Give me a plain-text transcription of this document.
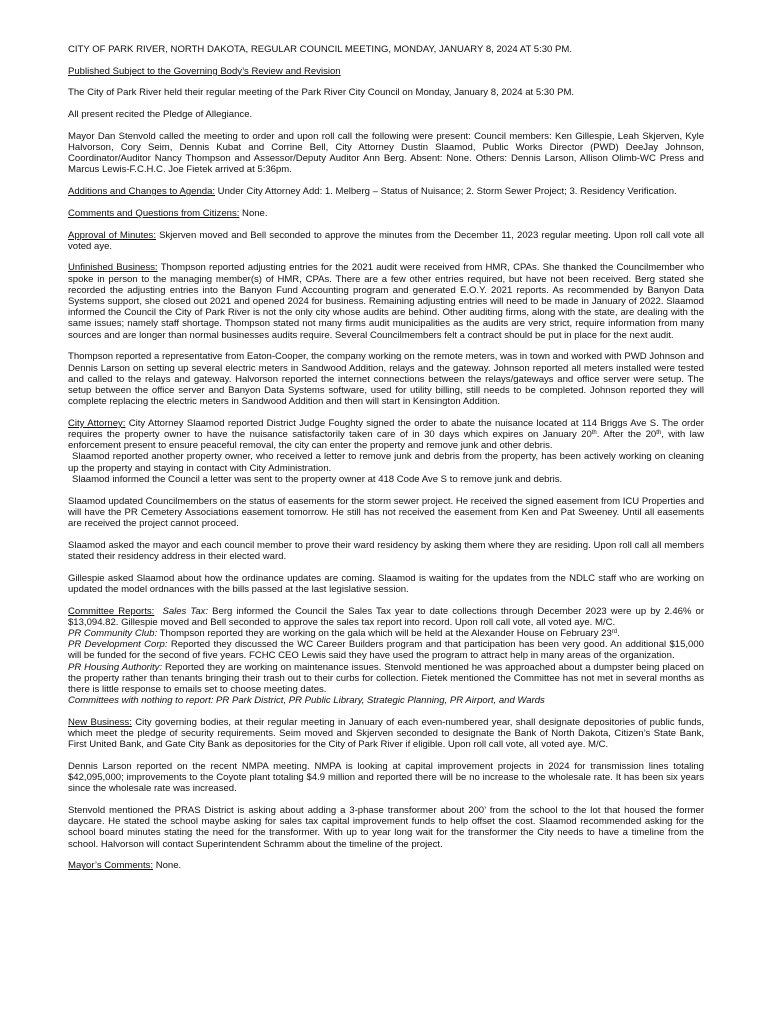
CITY OF PARK RIVER, NORTH DAKOTA, REGULAR COUNCIL MEETING, MONDAY, JANUARY 8, 2024 AT 5:30 PM.

Published Subject to the Governing Body’s Review and Revision

The City of Park River held their regular meeting of the Park River City Council on Monday, January 8, 2024 at 5:30 PM.

All present recited the Pledge of Allegiance.

Mayor Dan Stenvold called the meeting to order and upon roll call the following were present: Council members: Ken Gillespie, Leah Skjerven, Kyle Halvorson, Cory Seim, Dennis Kubat and Corrine Bell, City Attorney Dustin Slaamod, Public Works Director (PWD) DeeJay Johnson, Coordinator/Auditor Nancy Thompson and Assessor/Deputy Auditor Ann Berg. Absent: None. Others: Dennis Larson, Allison Olimb-WC Press and Marcus Lewis-F.C.H.C. Joe Fietek arrived at 5:36pm.

Additions and Changes to Agenda: Under City Attorney Add: 1. Melberg – Status of Nuisance; 2. Storm Sewer Project; 3. Residency Verification.

Comments and Questions from Citizens: None.

Approval of Minutes: Skjerven moved and Bell seconded to approve the minutes from the December 11, 2023 regular meeting. Upon roll call vote all voted aye.

Unfinished Business: Thompson reported adjusting entries for the 2021 audit were received from HMR, CPAs. She thanked the Councilmember who spoke in person to the managing member(s) of HMR, CPAs. There are a few other entries required, but have not been received. Berg stated she recorded the adjusting entries into the Banyon Fund Accounting program and generated E.O.Y. 2021 reports. As recommended by Banyon Data Systems support, she closed out 2021 and opened 2024 for business. Remaining adjusting entries will need to be made in January of 2022. Slaamod informed the Council the City of Park River is not the only city whose audits are behind. Other auditing firms, along with the state, are dealing with the same issues; namely staff shortage. Thompson stated not many firms audit municipalities as the audits are very strict, require information from many sources and are longer than normal businesses audits require. Several Councilmembers felt a contract should be put in place for the next audit.

Thompson reported a representative from Eaton-Cooper, the company working on the remote meters, was in town and worked with PWD Johnson and Dennis Larson on setting up several electric meters in Sandwood Addition, relays and the gateway. Johnson reported all meters installed were tested and called to the relays and gateway. Halvorson reported the internet connections between the relays/gateways and office server were setup. The setup between the office server and Banyon Data Systems software, used for utility billing, still needs to be completed. Johnson reported they will complete replacing the electric meters in Sandwood Addition and then will start in Kensington Addition.

City Attorney: City Attorney Slaamod reported District Judge Foughty signed the order to abate the nuisance located at 114 Briggs Ave S. The order requires the property owner to have the nuisance satisfactorily taken care of in 30 days which expires on January 20th. After the 20th, with law enforcement present to ensure peaceful removal, the city can enter the property and remove junk and other debris.
Slaamod reported another property owner, who received a letter to remove junk and debris from the property, has been actively working on cleaning up the property and staying in contact with City Administration.
Slaamod informed the Council a letter was sent to the property owner at 418 Code Ave S to remove junk and debris.

Slaamod updated Councilmembers on the status of easements for the storm sewer project. He received the signed easement from ICU Properties and will have the PR Cemetery Associations easement tomorrow. He still has not received the easement from Ken and Pat Sweeney. Until all easements are received the project cannot proceed.

Slaamod asked the mayor and each council member to prove their ward residency by asking them where they are residing. Upon roll call all members stated their residency address in their elected ward.

Gillespie asked Slaamod about how the ordinance updates are coming. Slaamod is waiting for the updates from the NDLC staff who are working on updated the model ordnances with the bills passed at the last legislative session.

Committee Reports: Sales Tax: Berg informed the Council the Sales Tax year to date collections through December 2023 were up by 2.46% or $13,094.82. Gillespie moved and Bell seconded to approve the sales tax report into record. Upon roll call vote, all voted aye. M/C.
PR Community Club: Thompson reported they are working on the gala which will be held at the Alexander House on February 23rd.
PR Development Corp: Reported they discussed the WC Career Builders program and that participation has been very good. An additional $15,000 will be funded for the second of five years. FCHC CEO Lewis said they have used the program to attract help in many areas of the organization.
PR Housing Authority: Reported they are working on maintenance issues. Stenvold mentioned he was approached about a dumpster being placed on the property rather than tenants bringing their trash out to their curbs for collection. Fietek mentioned the Committee has not met in several months as there is little response to emails set to choose meeting dates.
Committees with nothing to report: PR Park District, PR Public Library, Strategic Planning, PR Airport, and Wards

New Business: City governing bodies, at their regular meeting in January of each even-numbered year, shall designate depositories of public funds, which meet the pledge of security requirements. Seim moved and Skjerven seconded to designate the Bank of North Dakota, Citizen’s State Bank, First United Bank, and Gate City Bank as depositories for the City of Park River if eligible. Upon roll call vote, all voted aye. M/C.

Dennis Larson reported on the recent NMPA meeting. NMPA is looking at capital improvement projects in 2024 for transmission lines totaling $42,095,000; improvements to the Coyote plant totaling $4.9 million and reported there will be no increase to the wholesale rate. It has been six years since the wholesale rate was increased.

Stenvold mentioned the PRAS District is asking about adding a 3-phase transformer about 200’ from the school to the lot that housed the former daycare. He stated the school maybe asking for sales tax capital improvement funds to help offset the cost. Slaamod recommended asking for the school board minutes stating the need for the transformer. With up to year long wait for the transformer the City needs to have a timeline from the school. Halvorson will contact Superintendent Schramm about the timeline of the project.

Mayor’s Comments: None.
